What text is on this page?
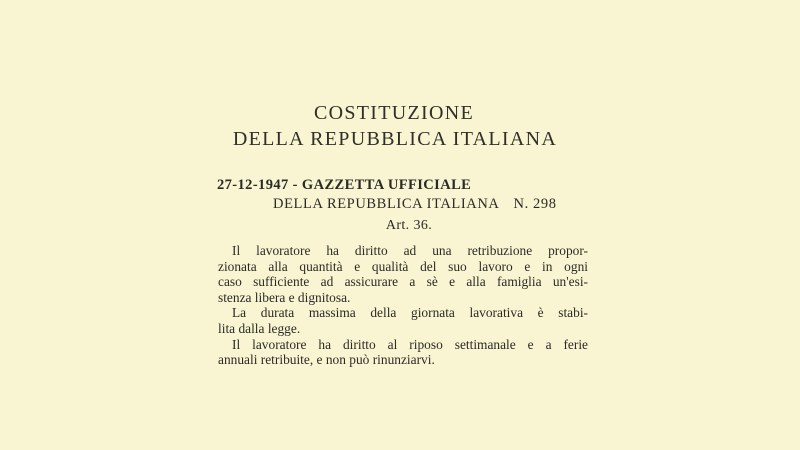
COSTITUZIONE
DELLA REPUBBLICA ITALIANA
27-12-1947 - GAZZETTA UFFICIALE
DELLA REPUBBLICA ITALIANA N. 298
Art. 36.
Il lavoratore ha diritto ad una retribuzione propor-
zionata alla quantità e qualità del suo lavoro e in ogni
caso sufficiente ad assicurare a sè e alla famiglia un'esi-
stenza libera e dignitosa.
La durata massima della giornata lavorativa è stabi-
lita dalla legge.
Il lavoratore ha diritto al riposo settimanale e a ferie
annuali retribuite, e non può rinunziarvi.
